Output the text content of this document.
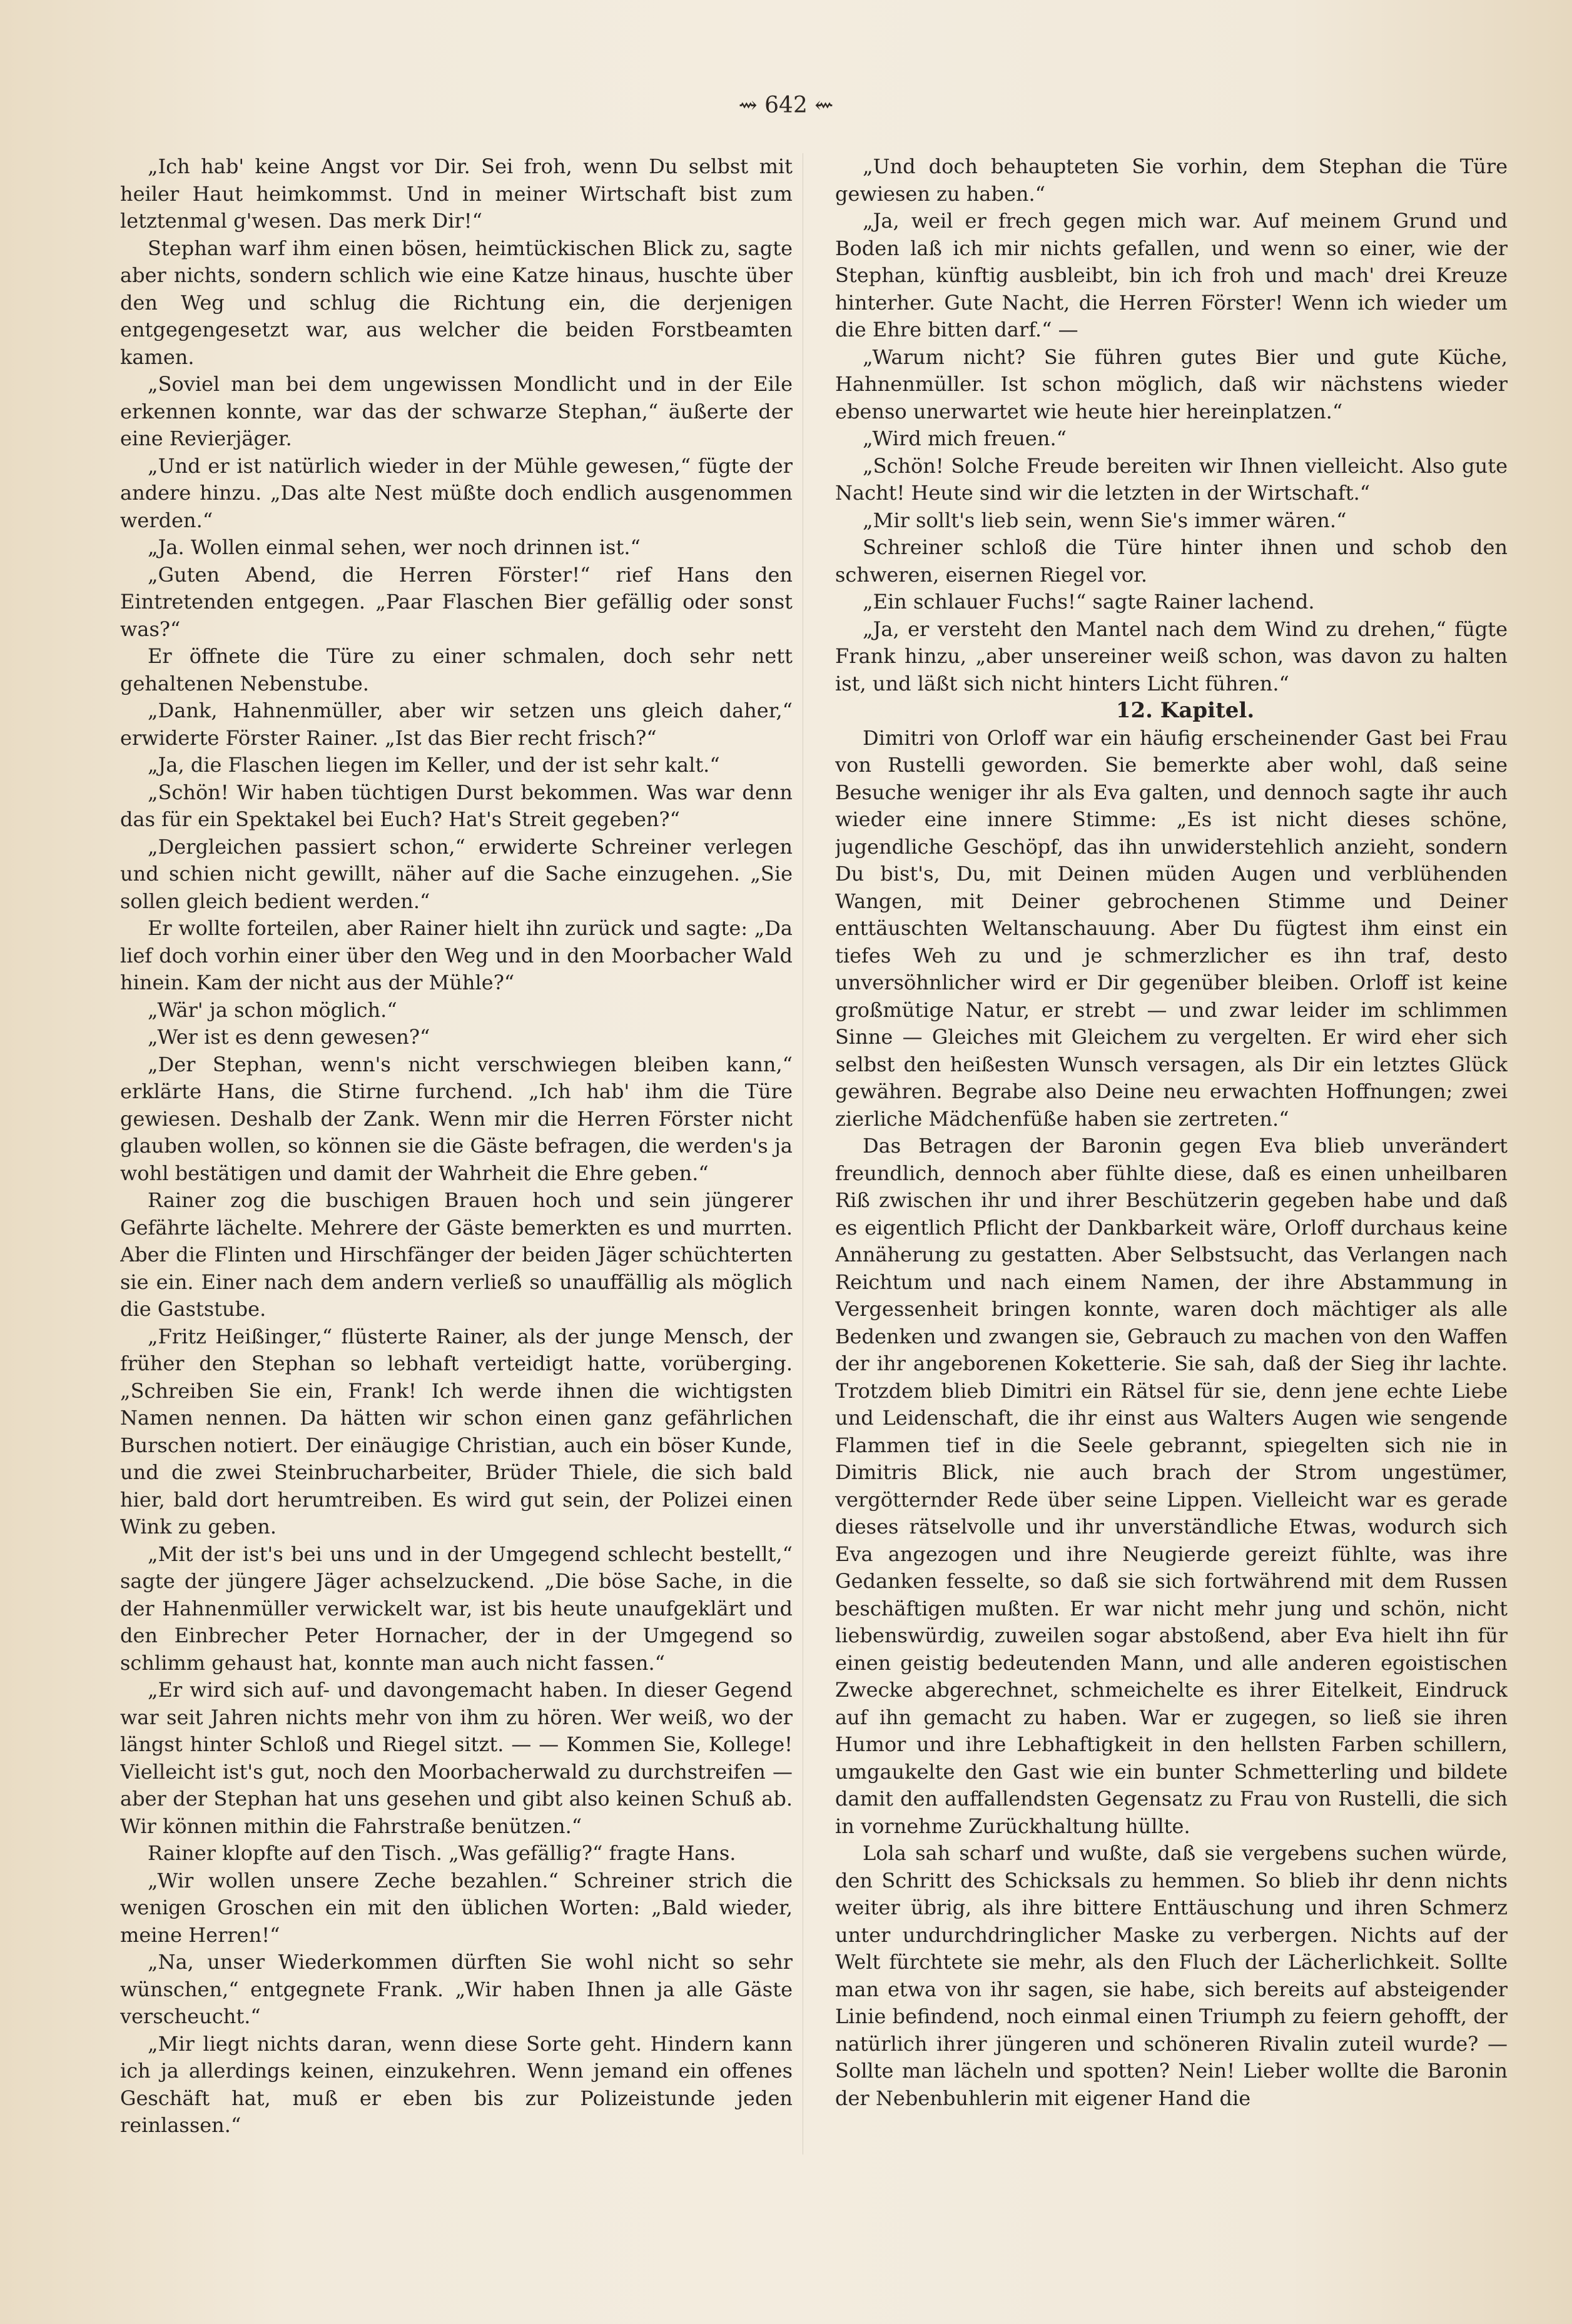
⇝ 642 ⇜

„Ich hab' keine Angst vor Dir. Sei froh, wenn Du selbst mit heiler Haut heimkommst. Und in meiner Wirtschaft bist zum letztenmal g'wesen. Das merk Dir!“

Stephan warf ihm einen bösen, heimtückischen Blick zu, sagte aber nichts, sondern schlich wie eine Katze hinaus, huschte über den Weg und schlug die Richtung ein, die derjenigen entgegengesetzt war, aus welcher die beiden Forstbeamten kamen.

„Soviel man bei dem ungewissen Mondlicht und in der Eile erkennen konnte, war das der schwarze Stephan,“ äußerte der eine Revierjäger.

„Und er ist natürlich wieder in der Mühle gewesen,“ fügte der andere hinzu. „Das alte Nest müßte doch endlich ausgenommen werden.“

„Ja. Wollen einmal sehen, wer noch drinnen ist.“

„Guten Abend, die Herren Förster!“ rief Hans den Eintretenden entgegen. „Paar Flaschen Bier gefällig oder sonst was?“

Er öffnete die Türe zu einer schmalen, doch sehr nett gehaltenen Nebenstube.

„Dank, Hahnenmüller, aber wir setzen uns gleich daher,“ erwiderte Förster Rainer. „Ist das Bier recht frisch?“

„Ja, die Flaschen liegen im Keller, und der ist sehr kalt.“

„Schön! Wir haben tüchtigen Durst bekommen. Was war denn das für ein Spektakel bei Euch? Hat's Streit gegeben?“

„Dergleichen passiert schon,“ erwiderte Schreiner verlegen und schien nicht gewillt, näher auf die Sache einzugehen. „Sie sollen gleich bedient werden.“

Er wollte forteilen, aber Rainer hielt ihn zurück und sagte: „Da lief doch vorhin einer über den Weg und in den Moorbacher Wald hinein. Kam der nicht aus der Mühle?“

„Wär' ja schon möglich.“

„Wer ist es denn gewesen?“

„Der Stephan, wenn's nicht verschwiegen bleiben kann,“ erklärte Hans, die Stirne furchend. „Ich hab' ihm die Türe gewiesen. Deshalb der Zank. Wenn mir die Herren Förster nicht glauben wollen, so können sie die Gäste befragen, die werden's ja wohl bestätigen und damit der Wahrheit die Ehre geben.“

Rainer zog die buschigen Brauen hoch und sein jüngerer Gefährte lächelte. Mehrere der Gäste bemerkten es und murrten. Aber die Flinten und Hirschfänger der beiden Jäger schüchterten sie ein. Einer nach dem andern verließ so unauffällig als möglich die Gaststube.

„Fritz Heißinger,“ flüsterte Rainer, als der junge Mensch, der früher den Stephan so lebhaft verteidigt hatte, vorüberging. „Schreiben Sie ein, Frank! Ich werde ihnen die wichtigsten Namen nennen. Da hätten wir schon einen ganz gefährlichen Burschen notiert. Der einäugige Christian, auch ein böser Kunde, und die zwei Steinbrucharbeiter, Brüder Thiele, die sich bald hier, bald dort herumtreiben. Es wird gut sein, der Polizei einen Wink zu geben.

„Mit der ist's bei uns und in der Umgegend schlecht bestellt,“ sagte der jüngere Jäger achselzuckend. „Die böse Sache, in die der Hahnenmüller verwickelt war, ist bis heute unaufgeklärt und den Einbrecher Peter Hornacher, der in der Umgegend so schlimm gehaust hat, konnte man auch nicht fassen.“

„Er wird sich auf- und davongemacht haben. In dieser Gegend war seit Jahren nichts mehr von ihm zu hören. Wer weiß, wo der längst hinter Schloß und Riegel sitzt. — — Kommen Sie, Kollege! Vielleicht ist's gut, noch den Moorbacherwald zu durchstreifen — aber der Stephan hat uns gesehen und gibt also keinen Schuß ab. Wir können mithin die Fahrstraße benützen.“

Rainer klopfte auf den Tisch. „Was gefällig?“ fragte Hans.

„Wir wollen unsere Zeche bezahlen.“ Schreiner strich die wenigen Groschen ein mit den üblichen Worten: „Bald wieder, meine Herren!“

„Na, unser Wiederkommen dürften Sie wohl nicht so sehr wünschen,“ entgegnete Frank. „Wir haben Ihnen ja alle Gäste verscheucht.“

„Mir liegt nichts daran, wenn diese Sorte geht. Hindern kann ich ja allerdings keinen, einzukehren. Wenn jemand ein offenes Geschäft hat, muß er eben bis zur Polizeistunde jeden reinlassen.“

„Und doch behaupteten Sie vorhin, dem Stephan die Türe gewiesen zu haben.“

„Ja, weil er frech gegen mich war. Auf meinem Grund und Boden laß ich mir nichts gefallen, und wenn so einer, wie der Stephan, künftig ausbleibt, bin ich froh und mach' drei Kreuze hinterher. Gute Nacht, die Herren Förster! Wenn ich wieder um die Ehre bitten darf.“ —

„Warum nicht? Sie führen gutes Bier und gute Küche, Hahnenmüller. Ist schon möglich, daß wir nächstens wieder ebenso unerwartet wie heute hier hereinplatzen.“

„Wird mich freuen.“

„Schön! Solche Freude bereiten wir Ihnen vielleicht. Also gute Nacht! Heute sind wir die letzten in der Wirtschaft.“

„Mir sollt's lieb sein, wenn Sie's immer wären.“

Schreiner schloß die Türe hinter ihnen und schob den schweren, eisernen Riegel vor.

„Ein schlauer Fuchs!“ sagte Rainer lachend.

„Ja, er versteht den Mantel nach dem Wind zu drehen,“ fügte Frank hinzu, „aber unsereiner weiß schon, was davon zu halten ist, und läßt sich nicht hinters Licht führen.“

12. Kapitel.

Dimitri von Orloff war ein häufig erscheinender Gast bei Frau von Rustelli geworden. Sie bemerkte aber wohl, daß seine Besuche weniger ihr als Eva galten, und dennoch sagte ihr auch wieder eine innere Stimme: „Es ist nicht dieses schöne, jugendliche Geschöpf, das ihn unwiderstehlich anzieht, sondern Du bist's, Du, mit Deinen müden Augen und verblühenden Wangen, mit Deiner gebrochenen Stimme und Deiner enttäuschten Weltanschauung. Aber Du fügtest ihm einst ein tiefes Weh zu und je schmerzlicher es ihn traf, desto unversöhnlicher wird er Dir gegenüber bleiben. Orloff ist keine großmütige Natur, er strebt — und zwar leider im schlimmen Sinne — Gleiches mit Gleichem zu vergelten. Er wird eher sich selbst den heißesten Wunsch versagen, als Dir ein letztes Glück gewähren. Begrabe also Deine neu erwachten Hoffnungen; zwei zierliche Mädchenfüße haben sie zertreten.“

Das Betragen der Baronin gegen Eva blieb unverändert freundlich, dennoch aber fühlte diese, daß es einen unheilbaren Riß zwischen ihr und ihrer Beschützerin gegeben habe und daß es eigentlich Pflicht der Dankbarkeit wäre, Orloff durchaus keine Annäherung zu gestatten. Aber Selbstsucht, das Verlangen nach Reichtum und nach einem Namen, der ihre Abstammung in Vergessenheit bringen konnte, waren doch mächtiger als alle Bedenken und zwangen sie, Gebrauch zu machen von den Waffen der ihr angeborenen Koketterie. Sie sah, daß der Sieg ihr lachte. Trotzdem blieb Dimitri ein Rätsel für sie, denn jene echte Liebe und Leidenschaft, die ihr einst aus Walters Augen wie sengende Flammen tief in die Seele gebrannt, spiegelten sich nie in Dimitris Blick, nie auch brach der Strom ungestümer, vergötternder Rede über seine Lippen. Vielleicht war es gerade dieses rätselvolle und ihr unverständliche Etwas, wodurch sich Eva angezogen und ihre Neugierde gereizt fühlte, was ihre Gedanken fesselte, so daß sie sich fortwährend mit dem Russen beschäftigen mußten. Er war nicht mehr jung und schön, nicht liebenswürdig, zuweilen sogar abstoßend, aber Eva hielt ihn für einen geistig bedeutenden Mann, und alle anderen egoistischen Zwecke abgerechnet, schmeichelte es ihrer Eitelkeit, Eindruck auf ihn gemacht zu haben. War er zugegen, so ließ sie ihren Humor und ihre Lebhaftigkeit in den hellsten Farben schillern, umgaukelte den Gast wie ein bunter Schmetterling und bildete damit den auffallendsten Gegensatz zu Frau von Rustelli, die sich in vornehme Zurückhaltung hüllte.

Lola sah scharf und wußte, daß sie vergebens suchen würde, den Schritt des Schicksals zu hemmen. So blieb ihr denn nichts weiter übrig, als ihre bittere Enttäuschung und ihren Schmerz unter undurchdringlicher Maske zu verbergen. Nichts auf der Welt fürchtete sie mehr, als den Fluch der Lächerlichkeit. Sollte man etwa von ihr sagen, sie habe, sich bereits auf absteigender Linie befindend, noch einmal einen Triumph zu feiern gehofft, der natürlich ihrer jüngeren und schöneren Rivalin zuteil wurde? — Sollte man lächeln und spotten? Nein! Lieber wollte die Baronin der Nebenbuhlerin mit eigener Hand die
